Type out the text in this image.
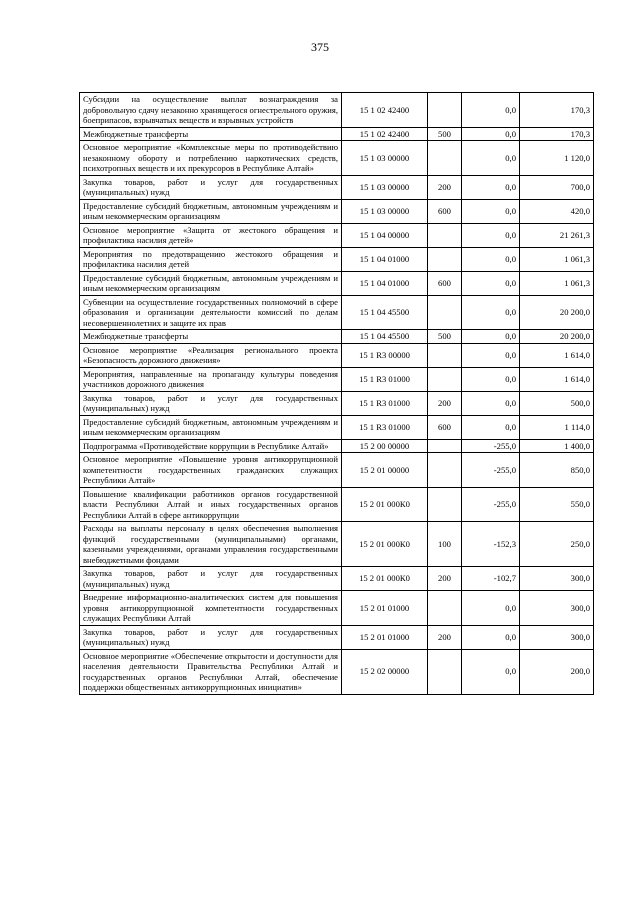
375
Субсидии на осуществление выплат вознаграждения за добровольную сдачу незаконно хранящегося огнестрельного оружия, боеприпасов, взрывчатых веществ и взрывных устройств	15 1 02 42400		0,0	170,3
Межбюджетные трансферты	15 1 02 42400	500	0,0	170,3
Основное мероприятие «Комплексные меры по противодействию незаконному обороту и потреблению наркотических средств, психотропных веществ и их прекурсоров в Республике Алтай»	15 1 03 00000		0,0	1 120,0
Закупка товаров, работ и услуг для государственных (муниципальных) нужд	15 1 03 00000	200	0,0	700,0
Предоставление субсидий бюджетным, автономным учреждениям и иным некоммерческим организациям	15 1 03 00000	600	0,0	420,0
Основное мероприятие «Защита от жестокого обращения и профилактика насилия детей»	15 1 04 00000		0,0	21 261,3
Мероприятия по предотвращению жестокого обращения и профилактика насилия детей	15 1 04 01000		0,0	1 061,3
Предоставление субсидий бюджетным, автономным учреждениям и иным некоммерческим организациям	15 1 04 01000	600	0,0	1 061,3
Субвенции на осуществление государственных полномочий в сфере образования и организации деятельности комиссий по делам несовершеннолетних и защите их прав	15 1 04 45500		0,0	20 200,0
Межбюджетные трансферты	15 1 04 45500	500	0,0	20 200,0
Основное мероприятие «Реализация регионального проекта «Безопасность дорожного движения»	15 1 R3 00000		0,0	1 614,0
Мероприятия, направленные на пропаганду культуры поведения участников дорожного движения	15 1 R3 01000		0,0	1 614,0
Закупка товаров, работ и услуг для государственных (муниципальных) нужд	15 1 R3 01000	200	0,0	500,0
Предоставление субсидий бюджетным, автономным учреждениям и иным некоммерческим организациям	15 1 R3 01000	600	0,0	1 114,0
Подпрограмма «Противодействие коррупции в Республике Алтай»	15 2 00 00000		-255,0	1 400,0
Основное мероприятие «Повышение уровня антикоррупционной компетентности государственных гражданских служащих Республики Алтай»	15 2 01 00000		-255,0	850,0
Повышение квалификации работников органов государственной власти Республики Алтай и иных государственных органов Республики Алтай в сфере антикоррупции	15 2 01 000К0		-255,0	550,0
Расходы на выплаты персоналу в целях обеспечения выполнения функций государственными (муниципальными) органами, казенными учреждениями, органами управления государственными внебюджетными фондами	15 2 01 000К0	100	-152,3	250,0
Закупка товаров, работ и услуг для государственных (муниципальных) нужд	15 2 01 000К0	200	-102,7	300,0
Внедрение информационно-аналитических систем для повышения уровня антикоррупционной компетентности государственных служащих Республики Алтай	15 2 01 01000		0,0	300,0
Закупка товаров, работ и услуг для государственных (муниципальных) нужд	15 2 01 01000	200	0,0	300,0
Основное мероприятие «Обеспечение открытости и доступности для населения деятельности Правительства Республики Алтай и государственных органов Республики Алтай, обеспечение поддержки общественных антикоррупционных инициатив»	15 2 02 00000		0,0	200,0
